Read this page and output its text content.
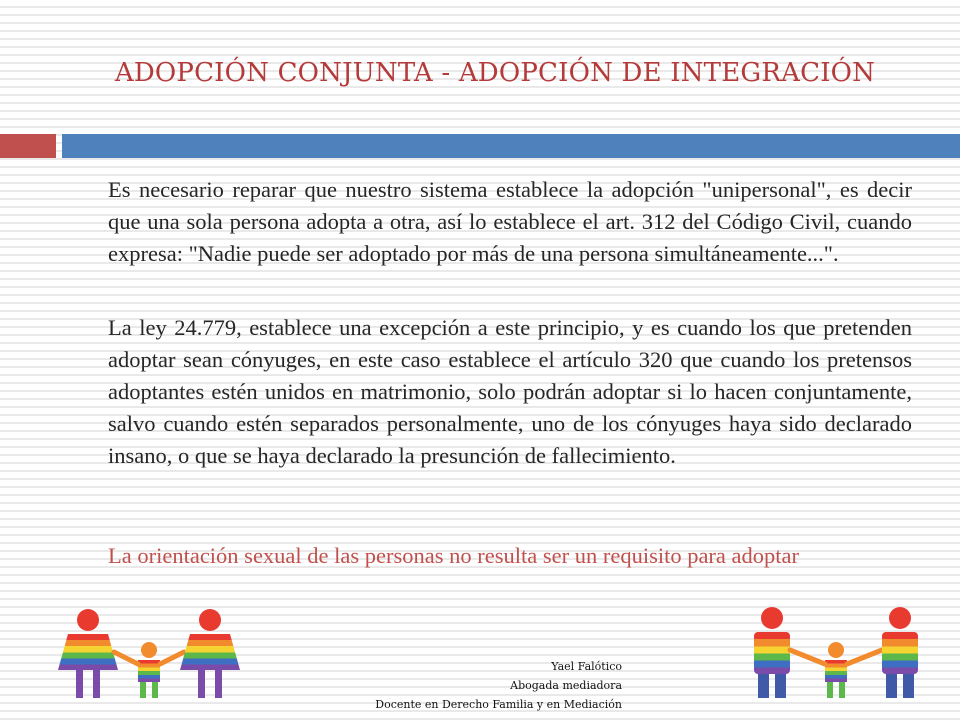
ADOPCIÓN CONJUNTA - ADOPCIÓN DE INTEGRACIÓN

Es necesario reparar que nuestro sistema establece la adopción "unipersonal", es decir que una sola persona adopta a otra, así lo establece el art. 312 del Código Civil, cuando expresa: "Nadie puede ser adoptado por más de una persona simultáneamente...".

La ley 24.779, establece una excepción a este principio, y es cuando los que pretenden adoptar sean cónyuges, en este caso establece el artículo 320 que cuando los pretensos adoptantes estén unidos en matrimonio, solo podrán adoptar si lo hacen conjuntamente, salvo cuando estén separados personalmente, uno de los cónyuges haya sido declarado insano, o que se haya declarado la presunción de fallecimiento.

La orientación sexual de las personas no resulta ser un requisito para adoptar

Yael Falótico
Abogada mediadora
Docente en Derecho Familia y en Mediación
